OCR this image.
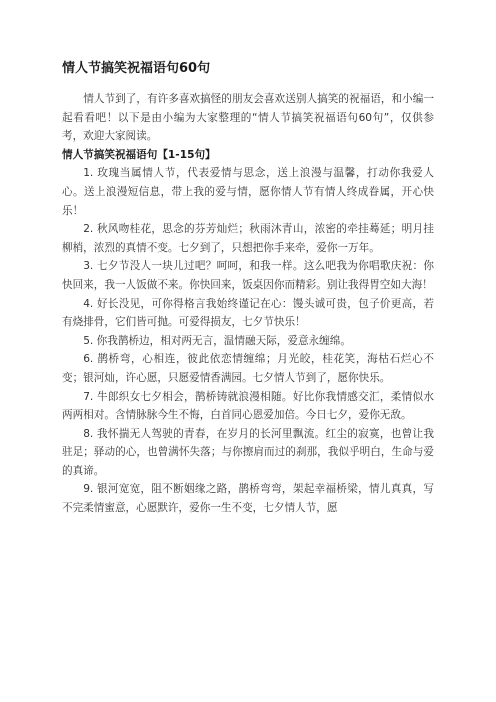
情人节搞笑祝福语句60句

情人节到了，有许多喜欢搞怪的朋友会喜欢送别人搞笑的祝福语，和小编一起看看吧！以下是由小编为大家整理的“情人节搞笑祝福语句60句”，仅供参考，欢迎大家阅读。

情人节搞笑祝福语句【1-15句】

1. 玫瑰当属情人节，代表爱情与思念，送上浪漫与温馨，打动你我爱人心。送上浪漫短信息，带上我的爱与情，愿你情人节有情人终成眷属，开心快乐！

2. 秋风吻桂花，思念的芬芳灿烂；秋雨沐青山，浓密的牵挂蓦延；明月挂柳梢，浓烈的真情不变。七夕到了，只想把你手来牵，爱你一万年。

3. 七夕节没人一块儿过吧？呵呵，和我一样。这么吧我为你唱歌庆祝：你快回来，我一人饭做不来。你快回来，饭桌因你而精彩。别让我得胃空如大海！

4. 好长没见，可你得格言我始终谨记在心：馒头诚可贵，包子价更高，若有烧排骨，它们皆可抛。可爱得损友，七夕节快乐！

5. 你我鹊桥边，相对两无言，温情融天际，爱意永缠绵。

6. 鹊桥弯，心相连，彼此依恋情缠绵；月光皎，桂花笑，海枯石烂心不变；银河灿，许心愿，只愿爱情香满园。七夕情人节到了，愿你快乐。

7. 牛郎织女七夕相会，鹊桥铸就浪漫相随。好比你我情感交汇，柔情似水两两相对。含情脉脉今生不悔，白首同心恩爱加倍。今日七夕，爱你无敌。

8. 我怀揣无人驾驶的青春，在岁月的长河里飘流。红尘的寂寞，也曾让我驻足；驿动的心，也曾满怀失落；与你擦肩而过的刹那，我似乎明白，生命与爱的真谛。

9. 银河宽宽，阻不断姻缘之路，鹊桥弯弯，架起幸福桥梁，情儿真真，写不完柔情蜜意，心愿默许，爱你一生不变，七夕情人节，愿
